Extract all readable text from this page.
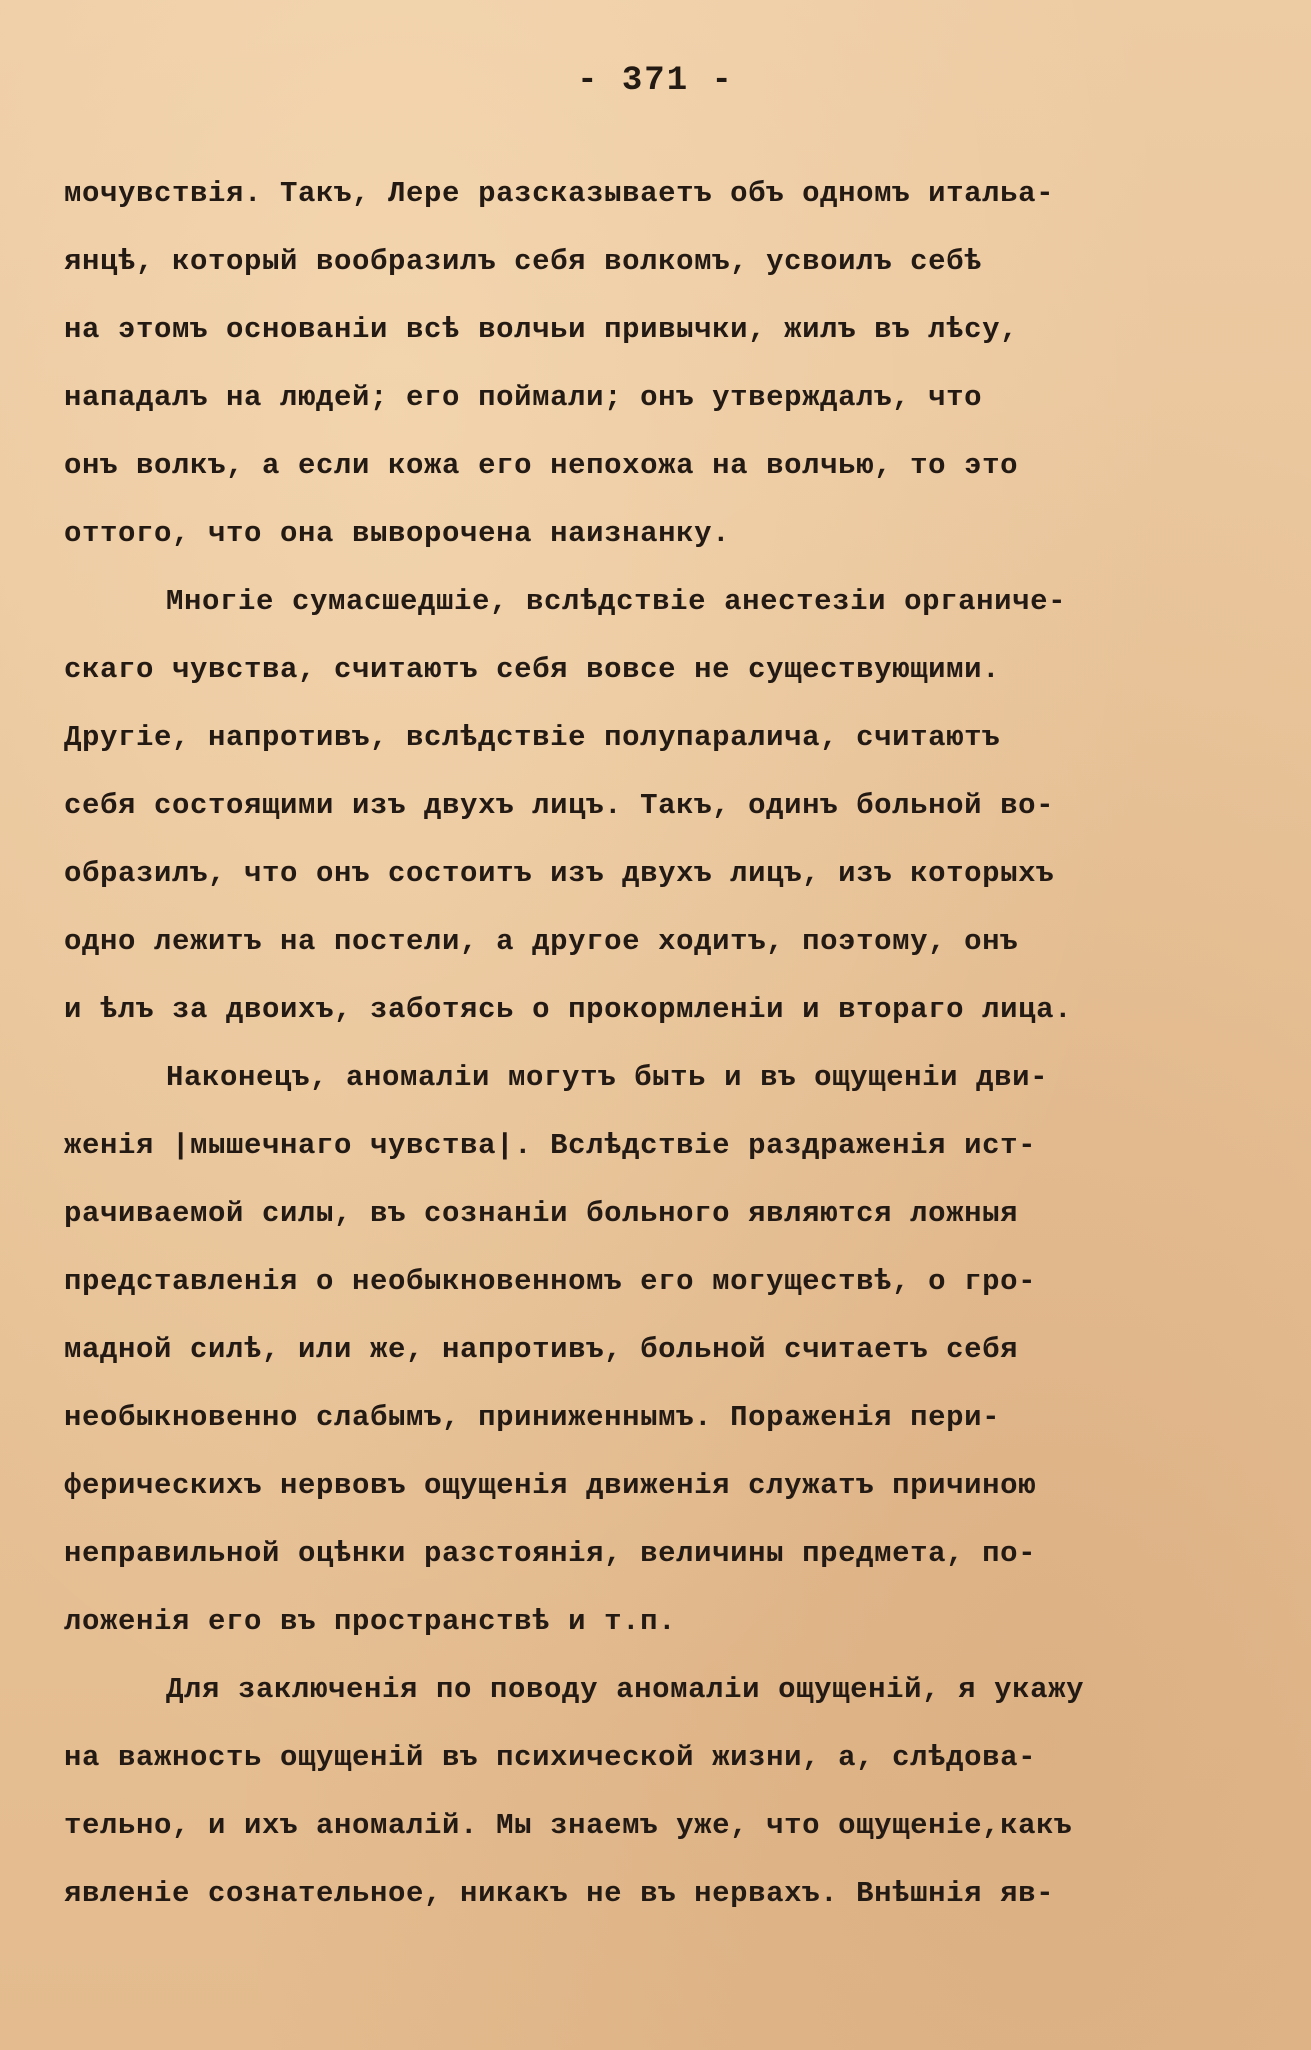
- 371 -
мочувствія. Такъ, Лере разсказываетъ объ одномъ итальа-
янцѣ, который вообразилъ себя волкомъ, усвоилъ себѣ
на этомъ основаніи всѣ волчьи привычки, жилъ въ лѣсу,
нападалъ на людей; его поймали; онъ утверждалъ, что
онъ волкъ, а если кожа его непохожа на волчью, то это
оттого, что она выворочена наизнанку.
Многіе сумасшедшіе, вслѣдствіе анестезіи органиче-
скаго чувства, считаютъ себя вовсе не существующими.
Другіе, напротивъ, вслѣдствіе полупаралича, считаютъ
себя состоящими изъ двухъ лицъ. Такъ, одинъ больной во-
образилъ, что онъ состоитъ изъ двухъ лицъ, изъ которыхъ
одно лежитъ на постели, а другое ходитъ, поэтому, онъ
и ѣлъ за двоихъ, заботясь о прокормленіи и втораго лица.
Наконецъ, аномаліи могутъ быть и въ ощущеніи дви-
женія |мышечнаго чувства|. Вслѣдствіе раздраженія ист-
рачиваемой силы, въ сознаніи больного являются ложныя
представленія о необыкновенномъ его могуществѣ, о гро-
мадной силѣ, или же, напротивъ, больной считаетъ себя
необыкновенно слабымъ, приниженнымъ. Пораженія пери-
ферическихъ нервовъ ощущенія движенія служатъ причиною
неправильной оцѣнки разстоянія, величины предмета, по-
ложенія его въ пространствѣ и т.п.
Для заключенія по поводу аномаліи ощущеній, я укажу
на важность ощущеній въ психической жизни, а, слѣдова-
тельно, и ихъ аномалій. Мы знаемъ уже, что ощущеніе,какъ
явленіе сознательное, никакъ не въ нервахъ. Внѣшнія яв-
